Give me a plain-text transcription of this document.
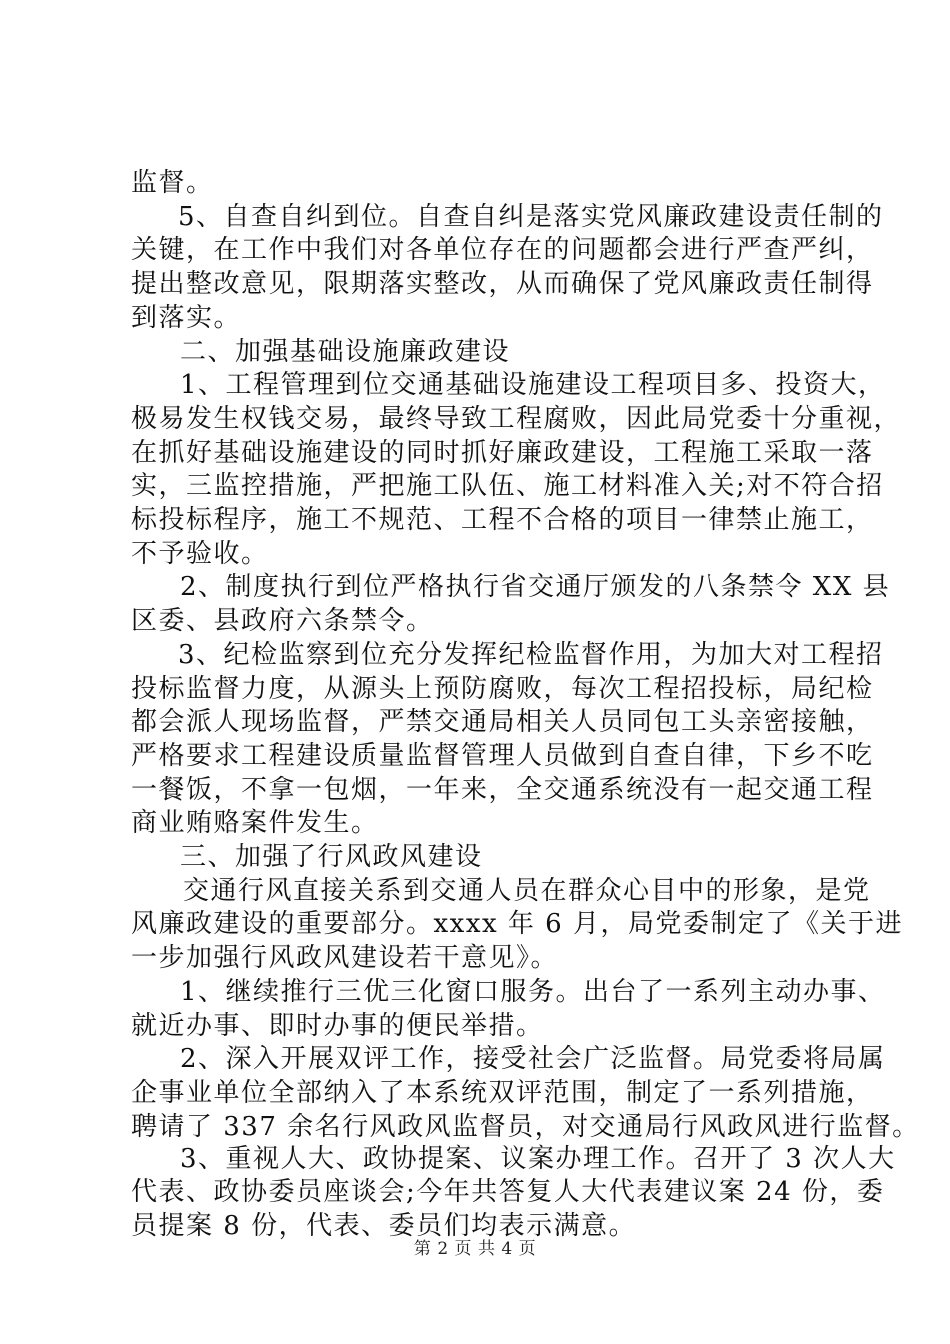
监督。
5、自查自纠到位。自查自纠是落实党风廉政建设责任制的
关键，在工作中我们对各单位存在的问题都会进行严查严纠，
提出整改意见，限期落实整改，从而确保了党风廉政责任制得
到落实。
二、加强基础设施廉政建设
1、工程管理到位交通基础设施建设工程项目多、投资大，
极易发生权钱交易，最终导致工程腐败，因此局党委十分重视，
在抓好基础设施建设的同时抓好廉政建设，工程施工采取一落
实，三监控措施，严把施工队伍、施工材料准入关;对不符合招
标投标程序，施工不规范、工程不合格的项目一律禁止施工，
不予验收。
2、制度执行到位严格执行省交通厅颁发的八条禁令 XX 县
区委、县政府六条禁令。
3、纪检监察到位充分发挥纪检监督作用，为加大对工程招
投标监督力度，从源头上预防腐败，每次工程招投标，局纪检
都会派人现场监督，严禁交通局相关人员同包工头亲密接触，
严格要求工程建设质量监督管理人员做到自查自律，下乡不吃
一餐饭，不拿一包烟，一年来，全交通系统没有一起交通工程
商业贿赂案件发生。
三、加强了行风政风建设
交通行风直接关系到交通人员在群众心目中的形象，是党
风廉政建设的重要部分。xxxx 年 6 月，局党委制定了《关于进
一步加强行风政风建设若干意见》。
1、继续推行三优三化窗口服务。出台了一系列主动办事、
就近办事、即时办事的便民举措。
2、深入开展双评工作，接受社会广泛监督。局党委将局属
企事业单位全部纳入了本系统双评范围，制定了一系列措施，
聘请了 337 余名行风政风监督员，对交通局行风政风进行监督。
3、重视人大、政协提案、议案办理工作。召开了 3 次人大
代表、政协委员座谈会;今年共答复人大代表建议案 24 份，委
员提案 8 份，代表、委员们均表示满意。
第 2 页 共 4 页
